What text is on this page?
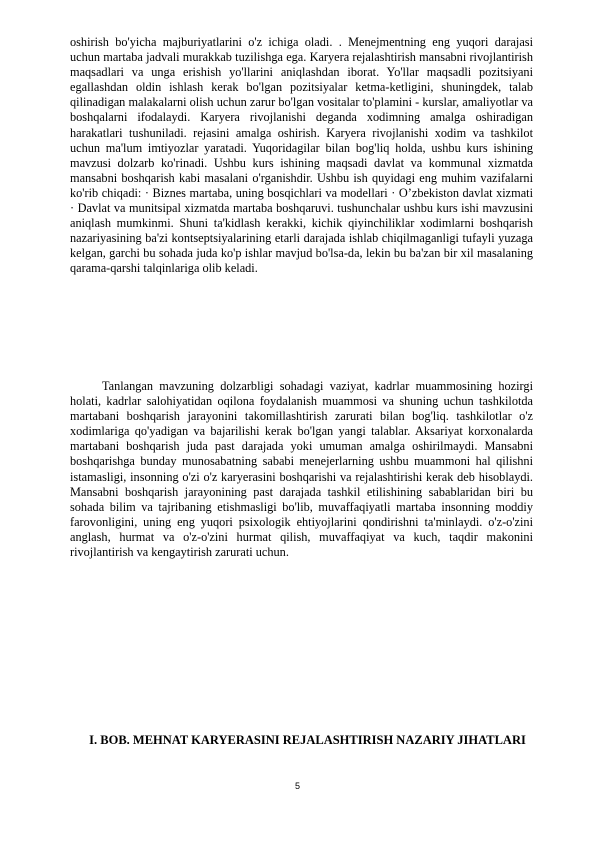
oshirish bo'yicha majburiyatlarini o'z ichiga oladi. . Menejmentning eng yuqori darajasi uchun martaba jadvali murakkab tuzilishga ega. Karyera rejalashtirish mansabni rivojlantirish maqsadlari va unga erishish yo'llarini aniqlashdan iborat. Yo'llar maqsadli pozitsiyani egallashdan oldin ishlash kerak bo'lgan pozitsiyalar ketma-ketligini, shuningdek, talab qilinadigan malakalarni olish uchun zarur bo'lgan vositalar to'plamini - kurslar, amaliyotlar va boshqalarni ifodalaydi. Karyera rivojlanishi deganda xodimning amalga oshiradigan harakatlari tushuniladi. rejasini amalga oshirish. Karyera rivojlanishi xodim va tashkilot uchun ma'lum imtiyozlar yaratadi. Yuqoridagilar bilan bog'liq holda, ushbu kurs ishining mavzusi dolzarb ko'rinadi. Ushbu kurs ishining maqsadi davlat va kommunal xizmatda mansabni boshqarish kabi masalani o'rganishdir. Ushbu ish quyidagi eng muhim vazifalarni ko'rib chiqadi: · Biznes martaba, uning bosqichlari va modellari · O’zbekiston davlat xizmati · Davlat va munitsipal xizmatda martaba boshqaruvi. tushunchalar ushbu kurs ishi mavzusini aniqlash mumkinmi. Shuni ta'kidlash kerakki, kichik qiyinchiliklar xodimlarni boshqarish nazariyasining ba'zi kontseptsiyalarining etarli darajada ishlab chiqilmaganligi tufayli yuzaga kelgan, garchi bu sohada juda ko'p ishlar mavjud bo'lsa-da, lekin bu ba'zan bir xil masalaning qarama-qarshi talqinlariga olib keladi.

Tanlangan mavzuning dolzarbligi sohadagi vaziyat, kadrlar muammosining hozirgi holati, kadrlar salohiyatidan oqilona foydalanish muammosi va shuning uchun tashkilotda martabani boshqarish jarayonini takomillashtirish zarurati bilan bog'liq. tashkilotlar o'z xodimlariga qo'yadigan va bajarilishi kerak bo'lgan yangi talablar. Aksariyat korxonalarda martabani boshqarish juda past darajada yoki umuman amalga oshirilmaydi. Mansabni boshqarishga bunday munosabatning sababi menejerlarning ushbu muammoni hal qilishni istamasligi, insonning o'zi o'z karyerasini boshqarishi va rejalashtirishi kerak deb hisoblaydi. Mansabni boshqarish jarayonining past darajada tashkil etilishining sabablaridan biri bu sohada bilim va tajribaning etishmasligi bo'lib, muvaffaqiyatli martaba insonning moddiy farovonligini, uning eng yuqori psixologik ehtiyojlarini qondirishni ta'minlaydi. o'z-o'zini anglash, hurmat va o'z-o'zini hurmat qilish, muvaffaqiyat va kuch, taqdir makonini rivojlantirish va kengaytirish zarurati uchun.

I. BOB. MEHNAT KARYERASINI REJALASHTIRISH NAZARIY JIHATLARI
5
